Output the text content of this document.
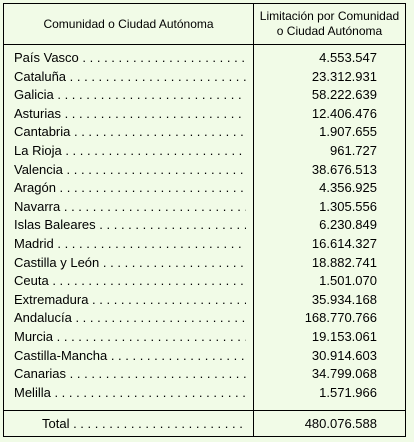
Comunidad o Ciudad Autónoma
Limitación por Comunidad
o Ciudad Autónoma
País Vasco . . .	4.553.547
Cataluña . . .	23.312.931
Galicia . . .	58.222.639
Asturias . . .	12.406.476
Cantabria . . .	1.907.655
La Rioja . . .	961.727
Valencia . . .	38.676.513
Aragón . . .	4.356.925
Navarra . . .	1.305.556
Islas Baleares . . .	6.230.849
Madrid . . .	16.614.327
Castilla y León . . .	18.882.741
Ceuta . . .	1.501.070
Extremadura . . .	35.934.168
Andalucía . . .	168.770.766
Murcia . . .	19.153.061
Castilla-Mancha . . .	30.914.603
Canarias . . .	34.799.068
Melilla . . .	1.571.966
Total . . .	480.076.588
